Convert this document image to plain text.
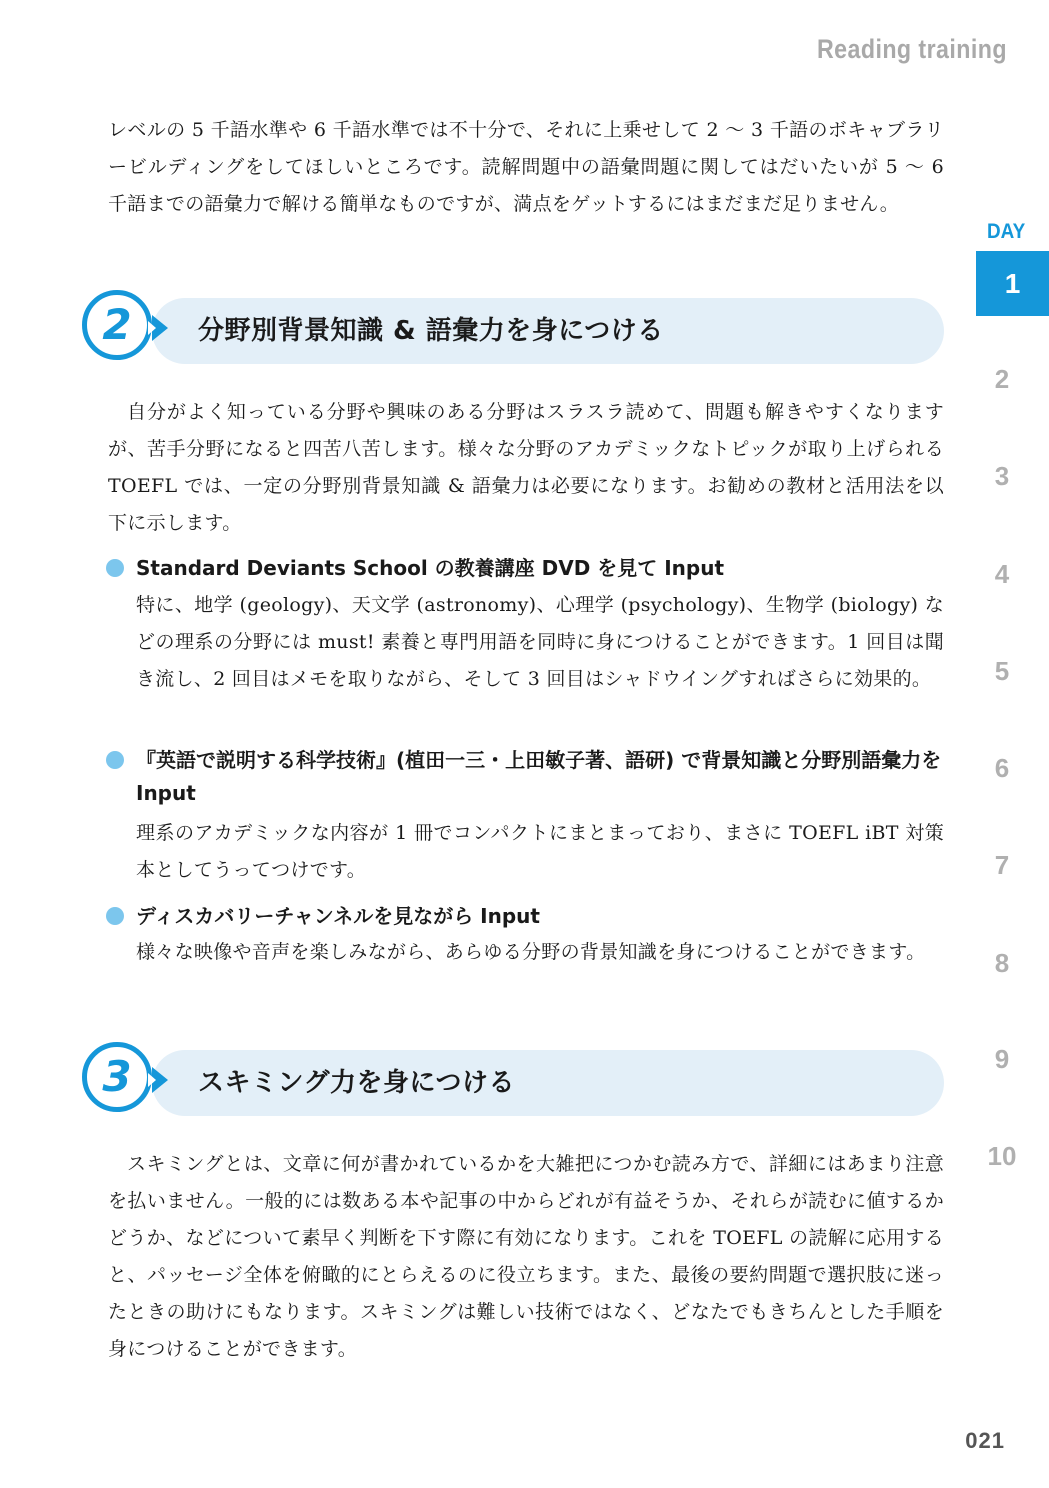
Reading training

レベルの 5 千語水準や 6 千語水準では不十分で、それに上乗せして 2 〜 3 千語のボキャブラリービルディングをしてほしいところです。読解問題中の語彙問題に関してはだいたいが 5 〜 6 千語までの語彙力で解ける簡単なものですが、満点をゲットするにはまだまだ足りません。

2	分野別背景知識 & 語彙力を身につける

自分がよく知っている分野や興味のある分野はスラスラ読めて、問題も解きやすくなりますが、苦手分野になると四苦八苦します。様々な分野のアカデミックなトピックが取り上げられる TOEFL では、一定の分野別背景知識 & 語彙力は必要になります。お勧めの教材と活用法を以下に示します。

Standard Deviants School の教養講座 DVD を見て Input

特に、地学 (geology)、天文学 (astronomy)、心理学 (psychology)、生物学 (biology) などの理系の分野には must! 素養と専門用語を同時に身につけることができます。1 回目は聞き流し、2 回目はメモを取りながら、そして 3 回目はシャドウイングすればさらに効果的。

『英語で説明する科学技術』(植田一三・上田敏子著、語研) で背景知識と分野別語彙力を Input

理系のアカデミックな内容が 1 冊でコンパクトにまとまっており、まさに TOEFL iBT 対策本としてうってつけです。

ディスカバリーチャンネルを見ながら Input

様々な映像や音声を楽しみながら、あらゆる分野の背景知識を身につけることができます。

3	スキミング力を身につける

スキミングとは、文章に何が書かれているかを大雑把につかむ読み方で、詳細にはあまり注意を払いません。一般的には数ある本や記事の中からどれが有益そうか、それらが読むに値するかどうか、などについて素早く判断を下す際に有効になります。これを TOEFL の読解に応用すると、パッセージ全体を俯瞰的にとらえるのに役立ちます。また、最後の要約問題で選択肢に迷ったときの助けにもなります。スキミングは難しい技術ではなく、どなたでもきちんとした手順を身につけることができます。

DAY
1
2
3
4
5
6
7
8
9
10
021
